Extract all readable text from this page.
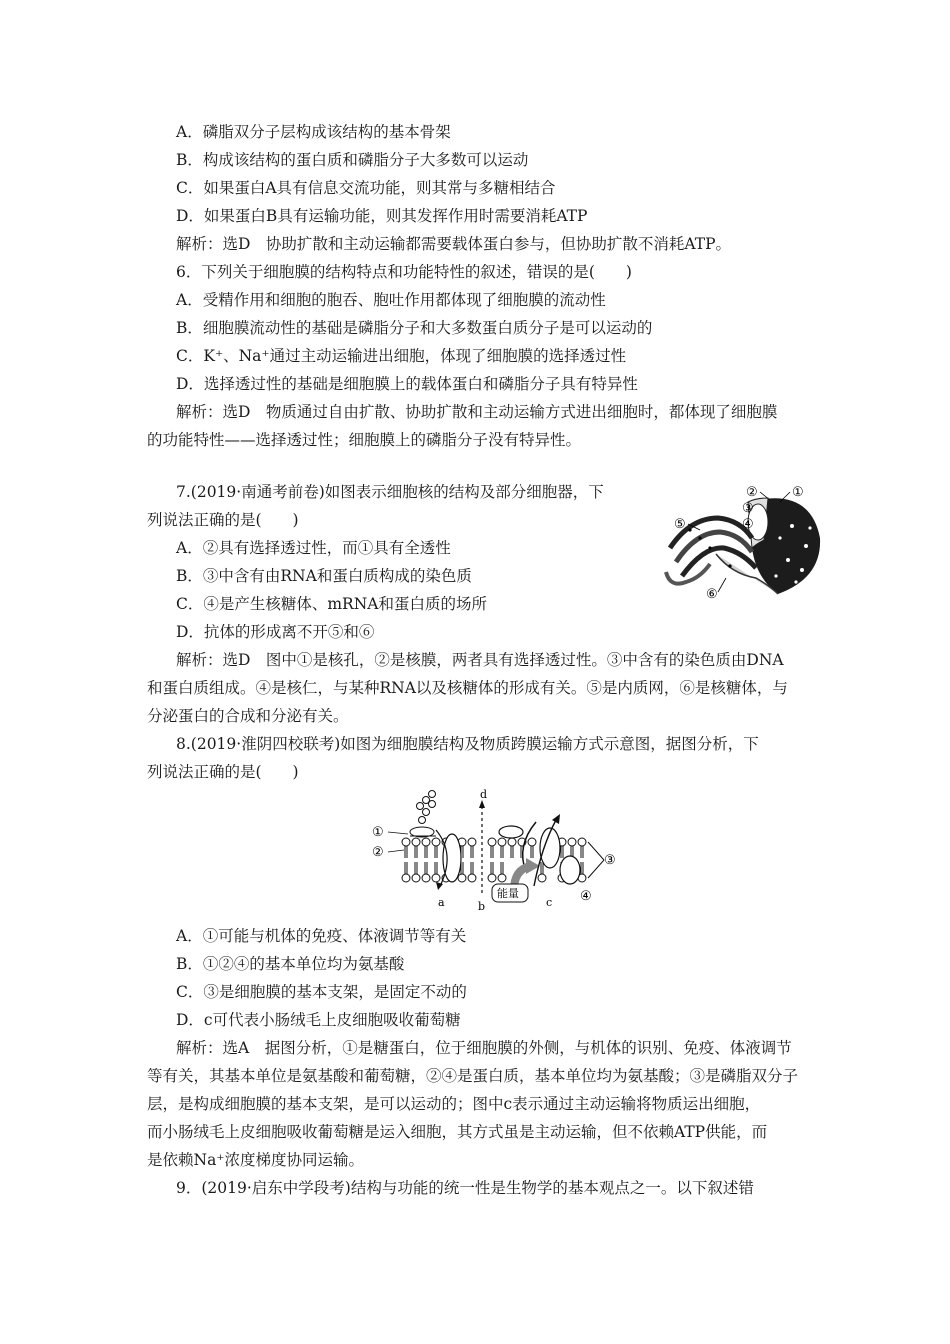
A．磷脂双分子层构成该结构的基本骨架
B．构成该结构的蛋白质和磷脂分子大多数可以运动
C．如果蛋白A具有信息交流功能，则其常与多糖相结合
D．如果蛋白B具有运输功能，则其发挥作用时需要消耗ATP
解析：选D　协助扩散和主动运输都需要载体蛋白参与，但协助扩散不消耗ATP。
6．下列关于细胞膜的结构特点和功能特性的叙述，错误的是(　　)
A．受精作用和细胞的胞吞、胞吐作用都体现了细胞膜的流动性
B．细胞膜流动性的基础是磷脂分子和大多数蛋白质分子是可以运动的
C．K⁺、Na⁺通过主动运输进出细胞，体现了细胞膜的选择透过性
D．选择透过性的基础是细胞膜上的载体蛋白和磷脂分子具有特异性
解析：选D　物质通过自由扩散、协助扩散和主动运输方式进出细胞时，都体现了细胞膜
的功能特性——选择透过性；细胞膜上的磷脂分子没有特异性。
7.(2019·南通考前卷)如图表示细胞核的结构及部分细胞器，下
列说法正确的是(　　)
A．②具有选择透过性，而①具有全透性
B．③中含有由RNA和蛋白质构成的染色质
C．④是产生核糖体、mRNA和蛋白质的场所
D．抗体的形成离不开⑤和⑥
解析：选D　图中①是核孔，②是核膜，两者具有选择透过性。③中含有的染色质由DNA
和蛋白质组成。④是核仁，与某种RNA以及核糖体的形成有关。⑤是内质网，⑥是核糖体，与
分泌蛋白的合成和分泌有关。
②	①
③
④
⑤
⑥
8.(2019·淮阴四校联考)如图为细胞膜结构及物质跨膜运输方式示意图，据图分析，下
列说法正确的是(　　)
①
②
③
④
a	b	c
d
能量
A．①可能与机体的免疫、体液调节等有关
B．①②④的基本单位均为氨基酸
C．③是细胞膜的基本支架，是固定不动的
D．c可代表小肠绒毛上皮细胞吸收葡萄糖
解析：选A　据图分析，①是糖蛋白，位于细胞膜的外侧，与机体的识别、免疫、体液调节
等有关，其基本单位是氨基酸和葡萄糖，②④是蛋白质，基本单位均为氨基酸；③是磷脂双分子
层，是构成细胞膜的基本支架，是可以运动的；图中c表示通过主动运输将物质运出细胞，
而小肠绒毛上皮细胞吸收葡萄糖是运入细胞，其方式虽是主动运输，但不依赖ATP供能，而
是依赖Na⁺浓度梯度协同运输。
9．(2019·启东中学段考)结构与功能的统一性是生物学的基本观点之一。以下叙述错
